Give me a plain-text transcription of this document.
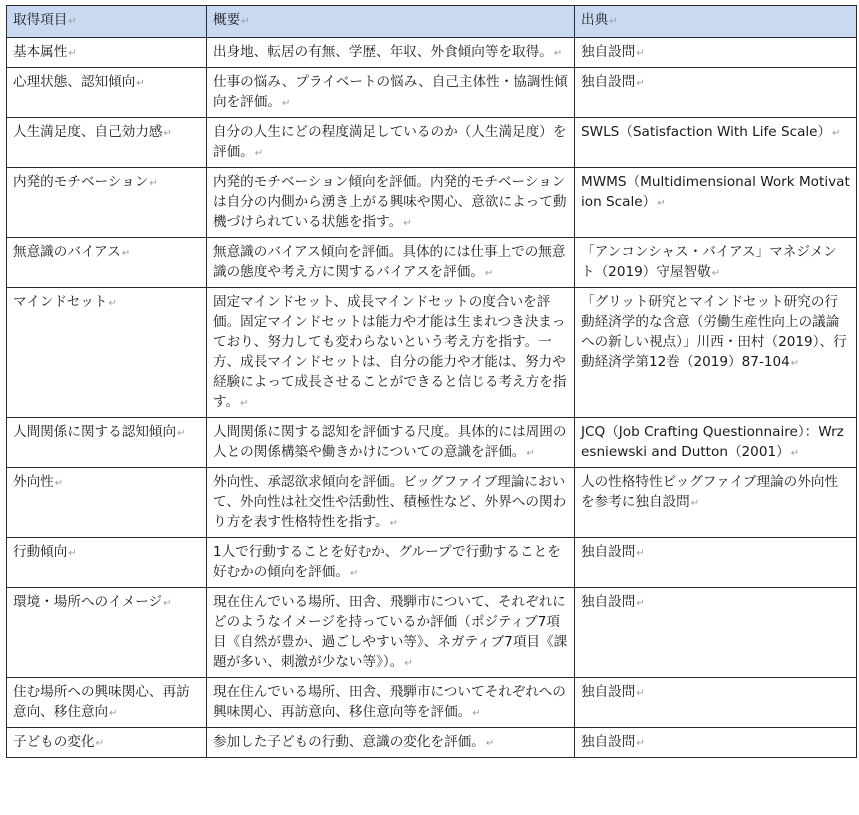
取得項目↵	概要↵	出典↵
基本属性↵	出身地、転居の有無、学歴、年収、外食傾向等を取得。↵	独自設問↵
心理状態、認知傾向↵	仕事の悩み、プライベートの悩み、自己主体性・協調性傾向を評価。↵	独自設問↵
人生満足度、自己効力感↵	自分の人生にどの程度満足しているのか（人生満足度）を評価。↵	SWLS（Satisfaction With Life Scale）↵
内発的モチベーション↵	内発的モチベーション傾向を評価。内発的モチベーションは自分の内側から湧き上がる興味や関心、意欲によって動機づけられている状態を指す。↵	MWMS（Multidimensional Work Motivation Scale）↵
無意識のバイアス↵	無意識のバイアス傾向を評価。具体的には仕事上での無意識の態度や考え方に関するバイアスを評価。↵	「アンコンシャス・バイアス」マネジメント（2019）守屋智敬↵
マインドセット↵	固定マインドセット、成長マインドセットの度合いを評価。固定マインドセットは能力や才能は生まれつき決まっており、努力しても変わらないという考え方を指す。一方、成長マインドセットは、自分の能力や才能は、努力や経験によって成長させることができると信じる考え方を指す。↵	「グリット研究とマインドセット研究の行動経済学的な含意（労働生産性向上の議論への新しい視点）」川西・田村（2019）、行動経済学第12巻（2019）87-104↵
人間関係に関する認知傾向↵	人間関係に関する認知を評価する尺度。具体的には周囲の人との関係構築や働きかけについての意識を評価。↵	JCQ（Job Crafting Questionnaire）：Wrzesniewski and Dutton（2001）↵
外向性↵	外向性、承認欲求傾向を評価。ビッグファイブ理論において、外向性は社交性や活動性、積極性など、外界への関わり方を表す性格特性を指す。↵	人の性格特性ビッグファイブ理論の外向性を参考に独自設問↵
行動傾向↵	1人で行動することを好むか、グループで行動することを好むかの傾向を評価。↵	独自設問↵
環境・場所へのイメージ↵	現在住んでいる場所、田舎、飛騨市について、それぞれにどのようなイメージを持っているか評価（ポジティブ7項目《自然が豊か、過ごしやすい等》、ネガティブ7項目《課題が多い、刺激が少ない等》）。↵	独自設問↵
住む場所への興味関心、再訪意向、移住意向↵	現在住んでいる場所、田舎、飛騨市についてそれぞれへの興味関心、再訪意向、移住意向等を評価。↵	独自設問↵
子どもの変化↵	参加した子どもの行動、意識の変化を評価。↵	独自設問↵
